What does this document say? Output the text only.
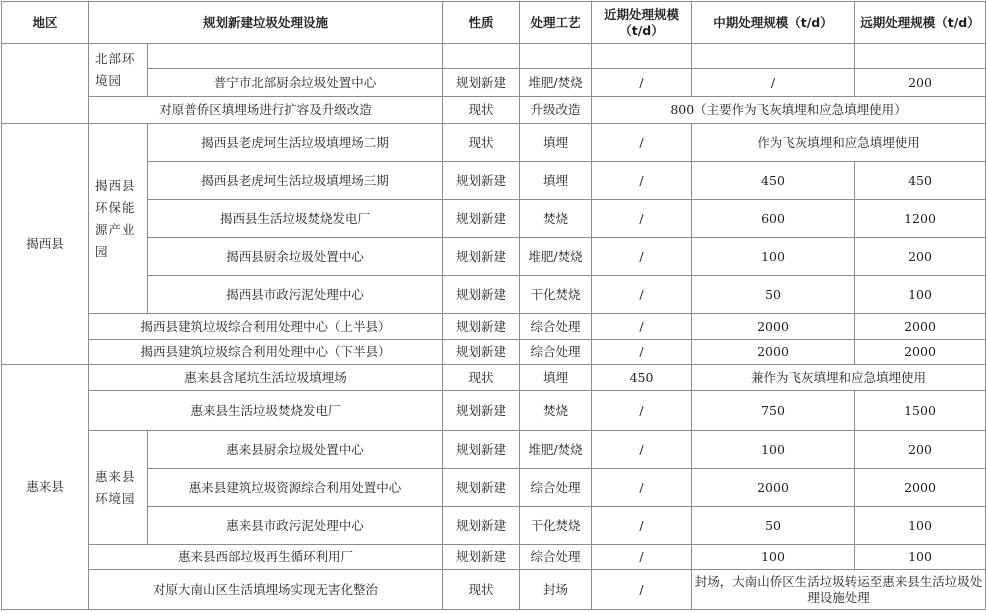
地区	规划新建垃圾处理设施		性质	处理工艺	近期处理规模（t/d）	中期处理规模（t/d）	远期处理规模（t/d）
	北部环境园						
		普宁市北部厨余垃圾处置中心	规划新建	堆肥/焚烧	/	/	200
	对原普侨区填埋场进行扩容及升级改造		现状	升级改造	800（主要作为飞灰填埋和应急填埋使用）		
揭西县	揭西县环保能源产业园	揭西县老虎坷生活垃圾填埋场二期	现状	填埋	/	作为飞灰填埋和应急填埋使用	
		揭西县老虎坷生活垃圾填埋场三期	规划新建	填埋	/	450	450
		揭西县生活垃圾焚烧发电厂	规划新建	焚烧	/	600	1200
		揭西县厨余垃圾处置中心	规划新建	堆肥/焚烧	/	100	200
		揭西县市政污泥处理中心	规划新建	干化焚烧	/	50	100
	揭西县建筑垃圾综合利用处理中心（上半县）		规划新建	综合处理	/	2000	2000
	揭西县建筑垃圾综合利用处理中心（下半县）		规划新建	综合处理	/	2000	2000
惠来县	惠来县含尾坑生活垃圾填埋场		现状	填埋	450	兼作为飞灰填埋和应急填埋使用	
	惠来县生活垃圾焚烧发电厂		规划新建	焚烧	/	750	1500
	惠来县环境园	惠来县厨余垃圾处置中心	规划新建	堆肥/焚烧	/	100	200
		惠来县建筑垃圾资源综合利用处置中心	规划新建	综合处理	/	2000	2000
		惠来县市政污泥处理中心	规划新建	干化焚烧	/	50	100
	惠来县西部垃圾再生循环利用厂		规划新建	综合处理	/	100	100
	对原大南山区生活填埋场实现无害化整治		现状	封场	/	封场，大南山侨区生活垃圾转运至惠来县生活垃圾处理设施处理	
